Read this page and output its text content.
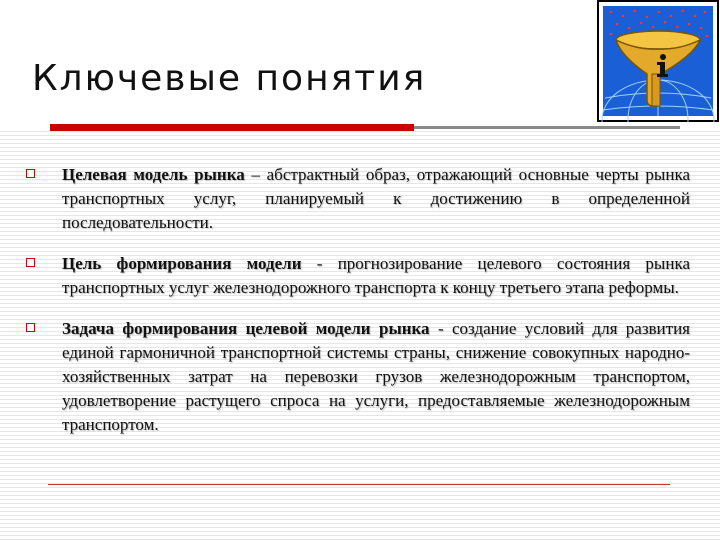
Ключевые понятия

Целевая модель рынка – абстрактный образ, отражающий основные черты рынка транспортных услуг, планируемый к достижению в определенной последовательности.

Цель формирования модели - прогнозирование целевого состояния рынка транспортных услуг железнодорожного транспорта к концу третьего этапа реформы.

Задача формирования целевой модели рынка - создание условий для развития единой гармоничной транспортной системы страны, снижение совокупных народно-хозяйственных затрат на перевозки грузов железнодорожным транспортом, удовлетворение растущего спроса на услуги, предоставляемые железнодорожным транспортом.
